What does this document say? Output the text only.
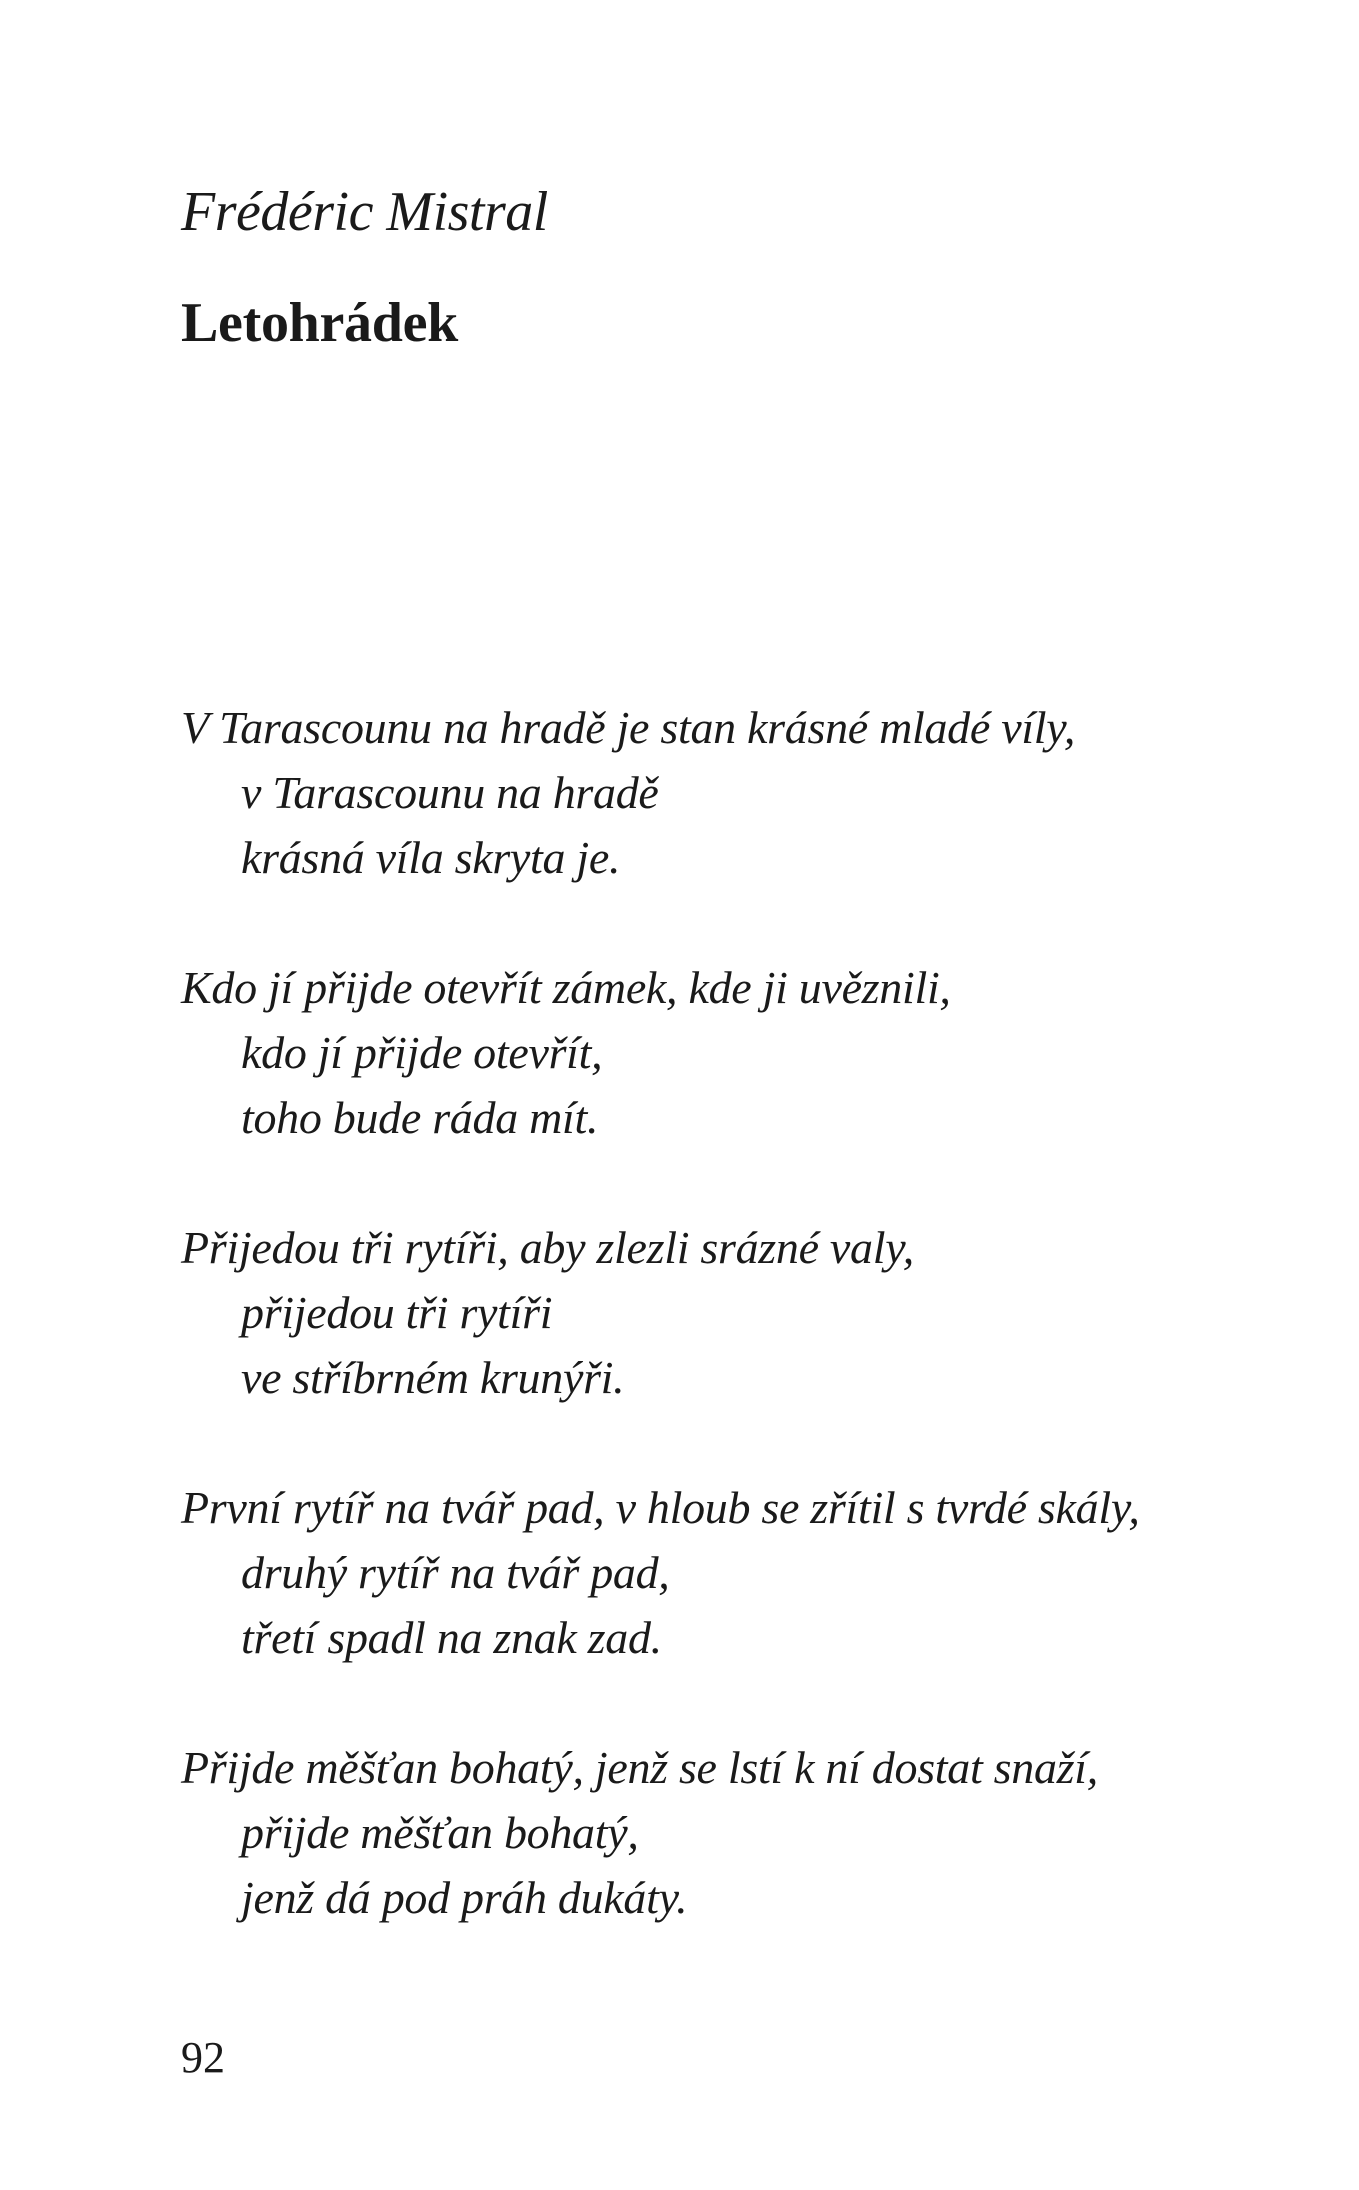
Frédéric Mistral
Letohrádek

V Tarascounu na hradě je stan krásné mladé víly,
v Tarascounu na hradě
krásná víla skryta je.

Kdo jí přijde otevřít zámek, kde ji uvěznili,
kdo jí přijde otevřít,
toho bude ráda mít.

Přijedou tři rytíři, aby zlezli srázné valy,
přijedou tři rytíři
ve stříbrném krunýři.

První rytíř na tvář pad, v hloub se zřítil s tvrdé skály,
druhý rytíř na tvář pad,
třetí spadl na znak zad.

Přijde měšťan bohatý, jenž se lstí k ní dostat snaží,
přijde měšťan bohatý,
jenž dá pod práh dukáty.

92
